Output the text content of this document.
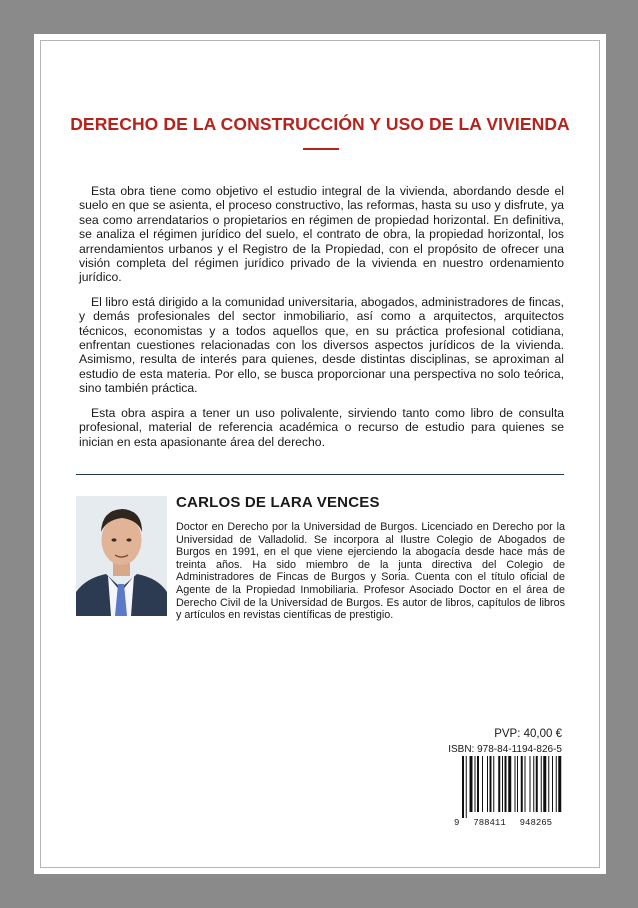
DERECHO DE LA CONSTRUCCIÓN Y USO DE LA VIVIENDA

Esta obra tiene como objetivo el estudio integral de la vivienda, abordando desde el suelo en que se asienta, el proceso constructivo, las reformas, hasta su uso y disfrute, ya sea como arrendatarios o propietarios en régimen de propiedad horizontal. En definitiva, se analiza el régimen jurídico del suelo, el contrato de obra, la propiedad horizontal, los arrendamientos urbanos y el Registro de la Propiedad, con el propósito de ofrecer una visión completa del régimen jurídico privado de la vivienda en nuestro ordenamiento jurídico.

El libro está dirigido a la comunidad universitaria, abogados, administradores de fincas, y demás profesionales del sector inmobiliario, así como a arquitectos, arquitectos técnicos, economistas y a todos aquellos que, en su práctica profesional cotidiana, enfrentan cuestiones relacionadas con los diversos aspectos jurídicos de la vivienda. Asimismo, resulta de interés para quienes, desde distintas disciplinas, se aproximan al estudio de esta materia. Por ello, se busca proporcionar una perspectiva no solo teórica, sino también práctica.

Esta obra aspira a tener un uso polivalente, sirviendo tanto como libro de consulta profesional, material de referencia académica o recurso de estudio para quienes se inician en esta apasionante área del derecho.

CARLOS DE LARA VENCES
Doctor en Derecho por la Universidad de Burgos. Licenciado en Derecho por la Universidad de Valladolid. Se incorpora al Ilustre Colegio de Abogados de Burgos en 1991, en el que viene ejerciendo la abogacía desde hace más de treinta años. Ha sido miembro de la junta directiva del Colegio de Administradores de Fincas de Burgos y Soria. Cuenta con el título oficial de Agente de la Propiedad Inmobiliaria. Profesor Asociado Doctor en el área de Derecho Civil de la Universidad de Burgos. Es autor de libros, capítulos de libros y artículos en revistas científicas de prestigio.
PVP: 40,00 €
ISBN: 978-84-1194-826-5
9 788411 948265
